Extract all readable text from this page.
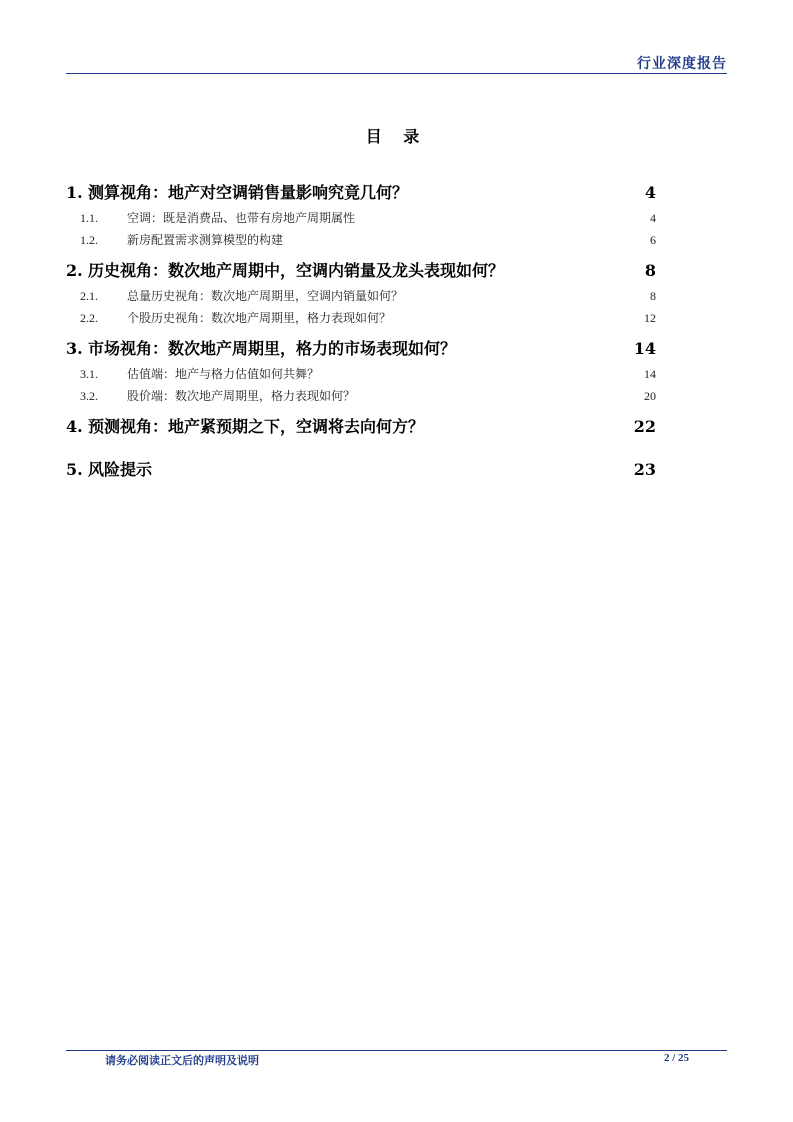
行业深度报告
目 录
1. 测算视角：地产对空调销售量影响究竟几何？	4
1.1.	空调：既是消费品、也带有房地产周期属性	4
1.2.	新房配置需求测算模型的构建	6
2. 历史视角：数次地产周期中，空调内销量及龙头表现如何？	8
2.1.	总量历史视角：数次地产周期里，空调内销量如何？	8
2.2.	个股历史视角：数次地产周期里，格力表现如何？	12
3. 市场视角：数次地产周期里，格力的市场表现如何？	14
3.1.	估值端：地产与格力估值如何共舞？	14
3.2.	股价端：数次地产周期里，格力表现如何？	20
4. 预测视角：地产紧预期之下，空调将去向何方？	22
5. 风险提示	23
请务必阅读正文后的声明及说明	2 / 25
